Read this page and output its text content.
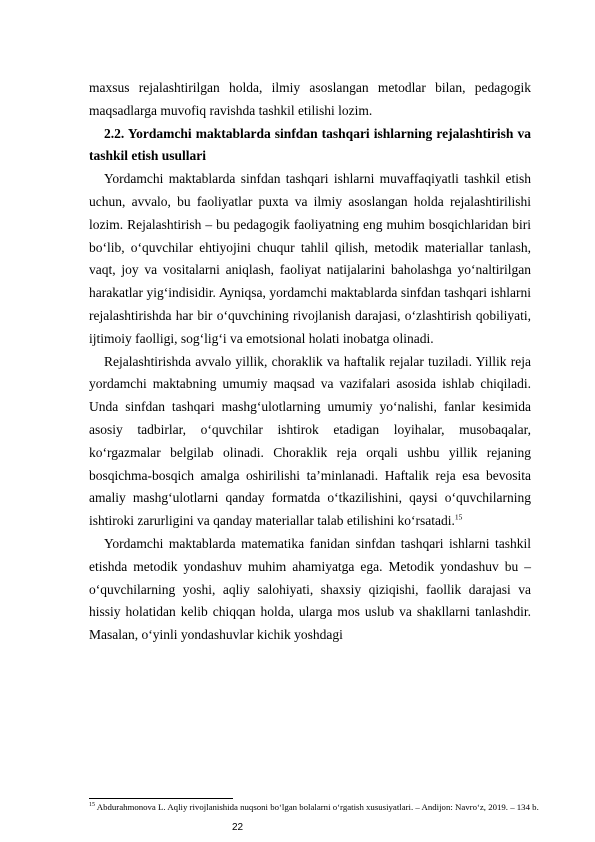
maxsus rejalashtirilgan holda, ilmiy asoslangan metodlar bilan, pedagogik maqsadlarga muvofiq ravishda tashkil etilishi lozim.

2.2. Yordamchi maktablarda sinfdan tashqari ishlarning rejalashtirish va tashkil etish usullari

Yordamchi maktablarda sinfdan tashqari ishlarni muvaffaqiyatli tashkil etish uchun, avvalo, bu faoliyatlar puxta va ilmiy asoslangan holda rejalashtirilishi lozim. Rejalashtirish – bu pedagogik faoliyatning eng muhim bosqichlaridan biri bo‘lib, o‘quvchilar ehtiyojini chuqur tahlil qilish, metodik materiallar tanlash, vaqt, joy va vositalarni aniqlash, faoliyat natijalarini baholashga yo‘naltirilgan harakatlar yig‘indisidir. Ayniqsa, yordamchi maktablarda sinfdan tashqari ishlarni rejalashtirishda har bir o‘quvchining rivojlanish darajasi, o‘zlashtirish qobiliyati, ijtimoiy faolligi, sog‘lig‘i va emotsional holati inobatga olinadi.

Rejalashtirishda avvalo yillik, choraklik va haftalik rejalar tuziladi. Yillik reja yordamchi maktabning umumiy maqsad va vazifalari asosida ishlab chiqiladi. Unda sinfdan tashqari mashg‘ulotlarning umumiy yo‘nalishi, fanlar kesimida asosiy tadbirlar, o‘quvchilar ishtirok etadigan loyihalar, musobaqalar, ko‘rgazmalar belgilab olinadi. Choraklik reja orqali ushbu yillik rejaning bosqichma-bosqich amalga oshirilishi ta’minlanadi. Haftalik reja esa bevosita amaliy mashg‘ulotlarni qanday formatda o‘tkazilishini, qaysi o‘quvchilarning ishtiroki zarurligini va qanday materiallar talab etilishini ko‘rsatadi.$^{15}$

Yordamchi maktablarda matematika fanidan sinfdan tashqari ishlarni tashkil etishda metodik yondashuv muhim ahamiyatga ega. Metodik yondashuv bu – o‘quvchilarning yoshi, aqliy salohiyati, shaxsiy qiziqishi, faollik darajasi va hissiy holatidan kelib chiqqan holda, ularga mos uslub va shakllarni tanlashdir. Masalan, o‘yinli yondashuvlar kichik yoshdagi

$^{15}$ Abdurahmonova L. Aqliy rivojlanishida nuqsoni bo‘lgan bolalarni o‘rgatish xususiyatlari. – Andijon: Navro‘z, 2019. – 134 b.
22
